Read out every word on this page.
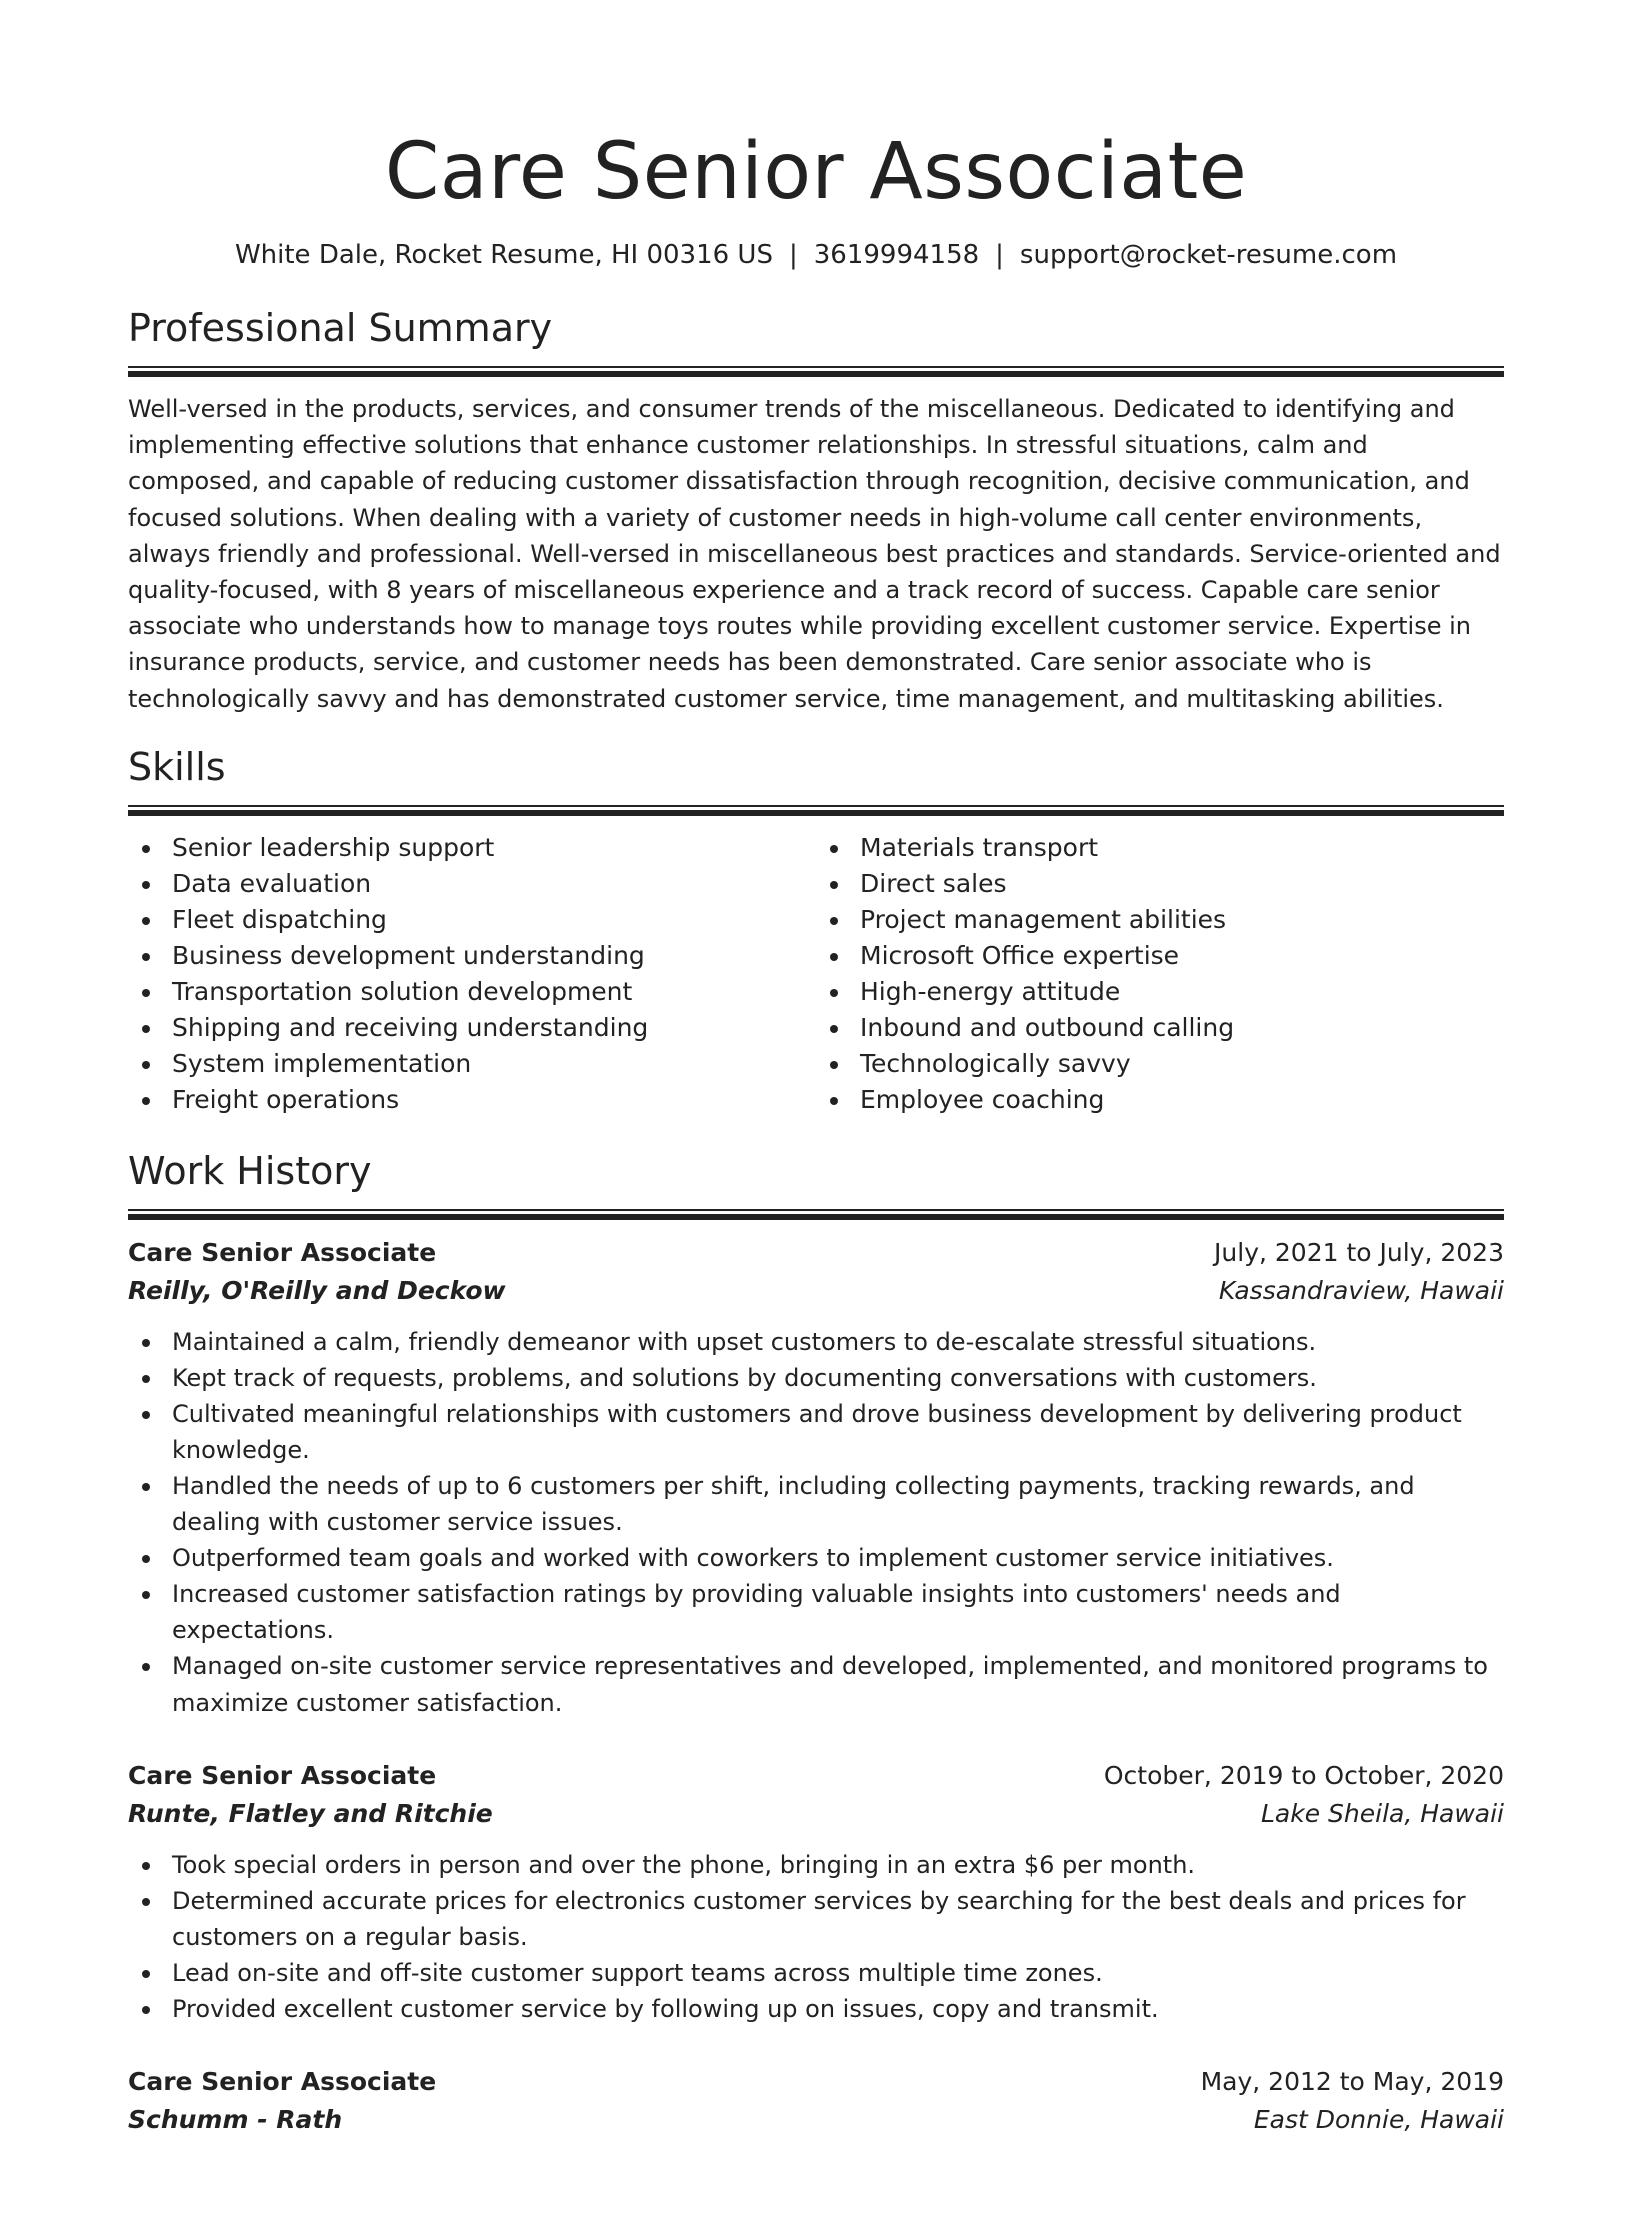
Care Senior Associate
White Dale, Rocket Resume, HI 00316 US | 3619994158 | support@rocket-resume.com
Professional Summary

Well-versed in the products, services, and consumer trends of the miscellaneous. Dedicated to identifying and implementing effective solutions that enhance customer relationships. In stressful situations, calm and composed, and capable of reducing customer dissatisfaction through recognition, decisive communication, and focused solutions. When dealing with a variety of customer needs in high-volume call center environments, always friendly and professional. Well-versed in miscellaneous best practices and standards. Service-oriented and quality-focused, with 8 years of miscellaneous experience and a track record of success. Capable care senior associate who understands how to manage toys routes while providing excellent customer service. Expertise in insurance products, service, and customer needs has been demonstrated. Care senior associate who is technologically savvy and has demonstrated customer service, time management, and multitasking abilities.

Skills
Senior leadership support
Data evaluation
Fleet dispatching
Business development understanding
Transportation solution development
Shipping and receiving understanding
System implementation
Freight operations
Materials transport
Direct sales
Project management abilities
Microsoft Office expertise
High-energy attitude
Inbound and outbound calling
Technologically savvy
Employee coaching
Work History
Care Senior Associate	July, 2021 to July, 2023
Reilly, O'Reilly and Deckow	Kassandraview, Hawaii
Maintained a calm, friendly demeanor with upset customers to de-escalate stressful situations.
Kept track of requests, problems, and solutions by documenting conversations with customers.
Cultivated meaningful relationships with customers and drove business development by delivering product knowledge.
Handled the needs of up to 6 customers per shift, including collecting payments, tracking rewards, and dealing with customer service issues.
Outperformed team goals and worked with coworkers to implement customer service initiatives.
Increased customer satisfaction ratings by providing valuable insights into customers' needs and expectations.
Managed on-site customer service representatives and developed, implemented, and monitored programs to maximize customer satisfaction.
Care Senior Associate	October, 2019 to October, 2020
Runte, Flatley and Ritchie	Lake Sheila, Hawaii
Took special orders in person and over the phone, bringing in an extra $6 per month.
Determined accurate prices for electronics customer services by searching for the best deals and prices for customers on a regular basis.
Lead on-site and off-site customer support teams across multiple time zones.
Provided excellent customer service by following up on issues, copy and transmit.
Care Senior Associate	May, 2012 to May, 2019
Schumm - Rath	East Donnie, Hawaii
